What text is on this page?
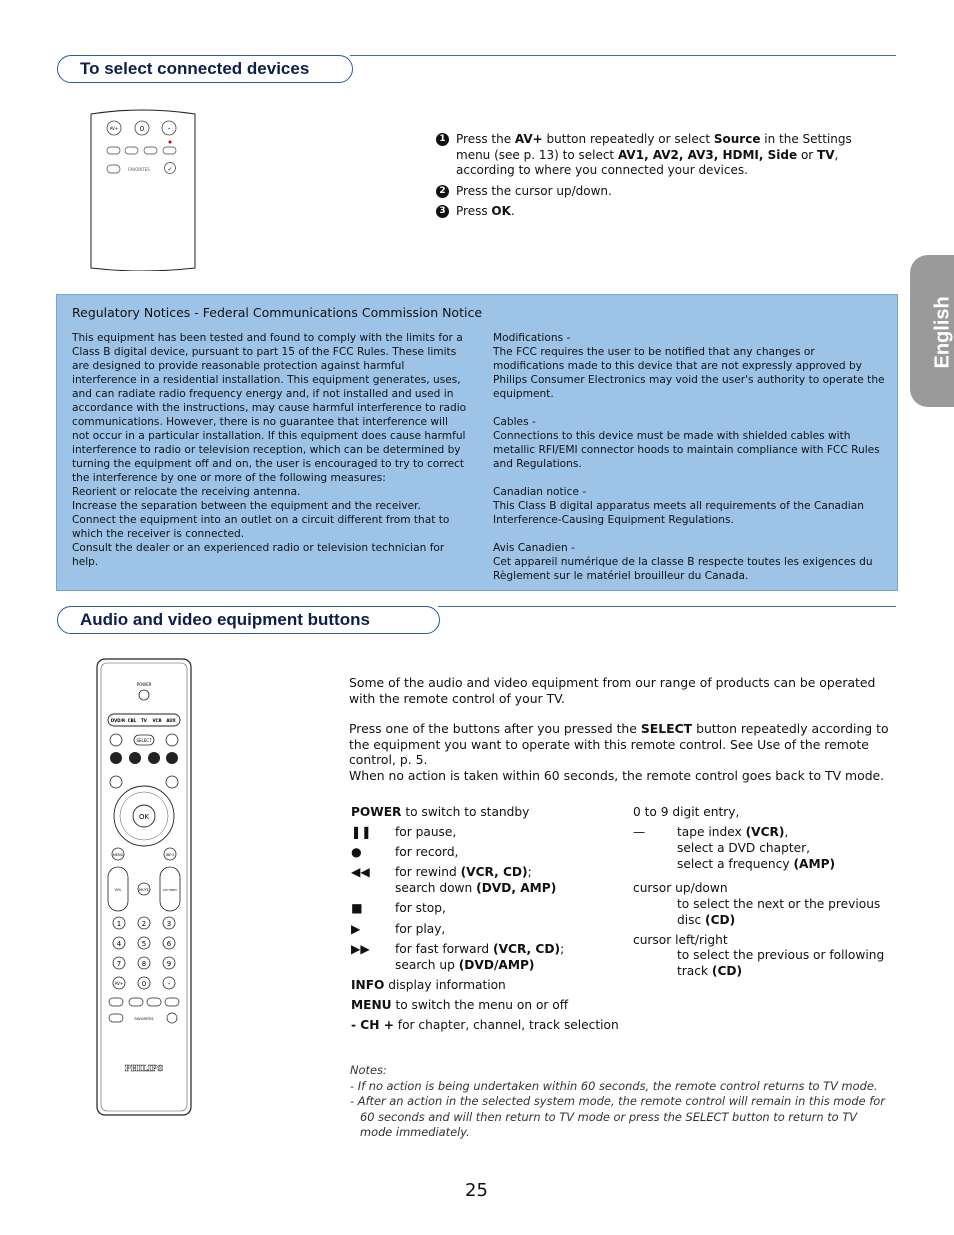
English
To select connected devices
AV+	0	-
FAVORITES	✓
1 Press the AV+ button repeatedly or select Source in the Settings menu (see p. 13) to select AV1, AV2, AV3, HDMI, Side or TV, according to where you connected your devices.
2 Press the cursor up/down.
3 Press OK.
Regulatory Notices - Federal Communications Commission Notice

This equipment has been tested and found to comply with the limits for a Class B digital device, pursuant to part 15 of the FCC Rules. These limits are designed to provide reasonable protection against harmful interference in a residential installation. This equipment generates, uses, and can radiate radio frequency energy and, if not installed and used in accordance with the instructions, may cause harmful interference to radio communications. However, there is no guarantee that interference will not occur in a particular installation. If this equipment does cause harmful interference to radio or television reception, which can be determined by turning the equipment off and on, the user is encouraged to try to correct the interference by one or more of the following measures:

Reorient or relocate the receiving antenna.

Increase the separation between the equipment and the receiver.

Connect the equipment into an outlet on a circuit different from that to which the receiver is connected.

Consult the dealer or an experienced radio or television technician for help.

Modifications -

The FCC requires the user to be notified that any changes or modifications made to this device that are not expressly approved by Philips Consumer Electronics may void the user's authority to operate the equipment.

Cables -

Connections to this device must be made with shielded cables with metallic RFI/EMI connector hoods to maintain compliance with FCC Rules and Regulations.

Canadian notice -

This Class B digital apparatus meets all requirements of the Canadian Interference-Causing Equipment Regulations.

Avis Canadien -

Cet appareil numérique de la classe B respecte toutes les exigences du Règlement sur le matériel brouilleur du Canada.

Audio and video equipment buttons
POWER
DVD/R CBL TV VCR AUX
SELECT
OK
MENU	INFO
VOL	MUTE	CH/ PREV
1	2	3
4	5	6
7	8	9
AV+	0	-
FAVORITES
PHILIPS

Some of the audio and video equipment from our range of products can be operated with the remote control of your TV.

Press one of the buttons after you pressed the SELECT button repeatedly according to the equipment you want to operate with this remote control. See Use of the remote control, p. 5.

When no action is taken within 60 seconds, the remote control goes back to TV mode.

POWER to switch to standby
❚❚	for pause,
●	for record,
◀◀	for rewind (VCR, CD);
search down (DVD, AMP)
■	for stop,
▶	for play,
▶▶	for fast forward (VCR, CD);
search up (DVD/AMP)
INFO display information
MENU to switch the menu on or off
- CH + for chapter, channel, track selection
0 to 9 digit entry,
—	tape index (VCR),
select a DVD chapter,
select a frequency (AMP)
cursor up/down
to select the next or the previous
disc (CD)
cursor left/right
to select the previous or following
track (CD)

Notes:

- If no action is being undertaken within 60 seconds, the remote control returns to TV mode.

- After an action in the selected system mode, the remote control will remain in this mode for 60 seconds and will then return to TV mode or press the SELECT button to return to TV mode immediately.

25
